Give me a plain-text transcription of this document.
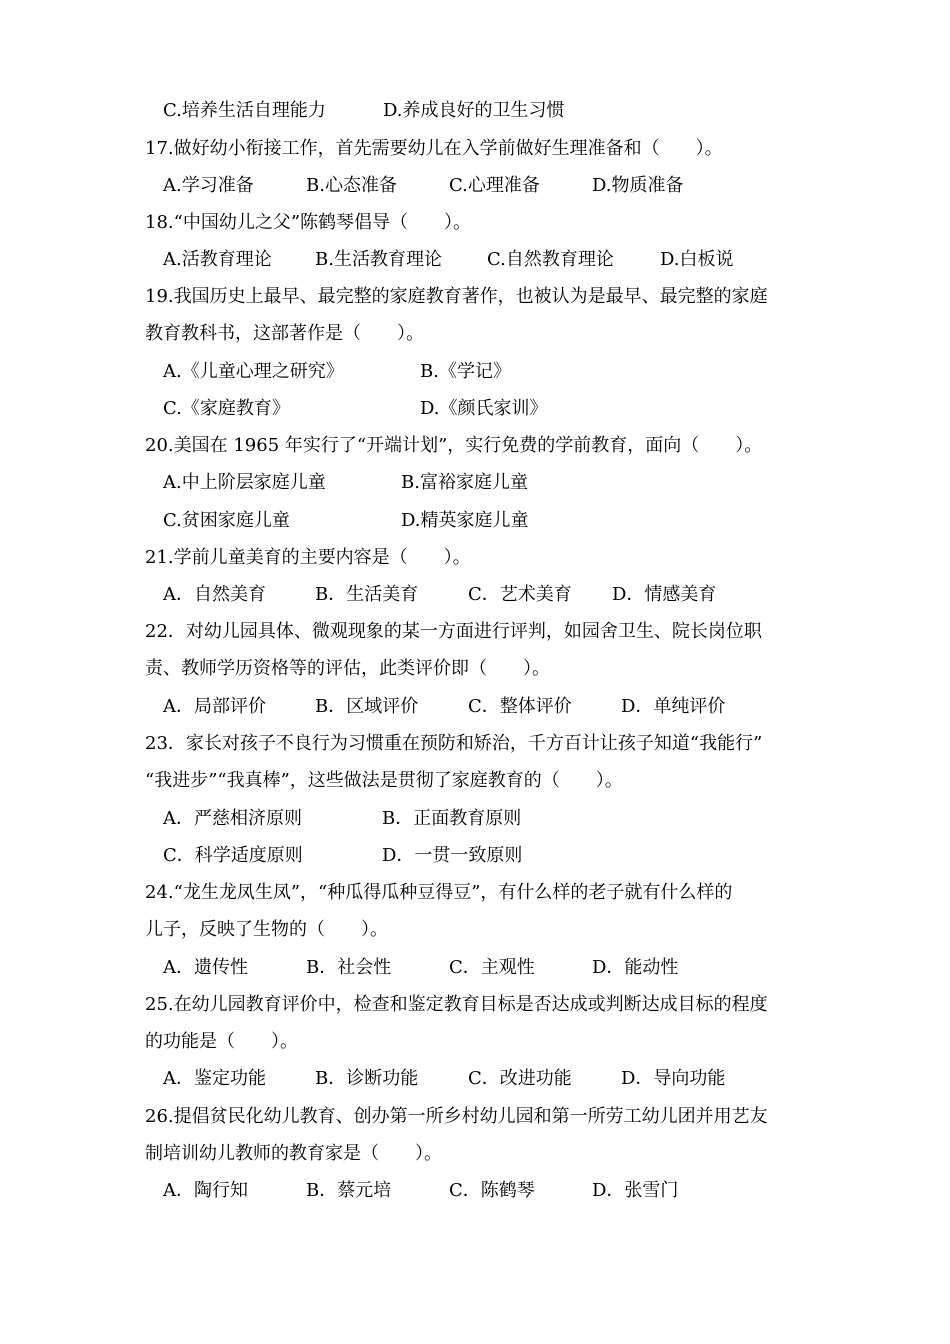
C.培养生活自理能力	D.养成良好的卫生习惯
17.做好幼小衔接工作，首先需要幼儿在入学前做好生理准备和（　　）。
A.学习准备	B.心态准备	C.心理准备	D.物质准备
18.“中国幼儿之父”陈鹤琴倡导（　　）。
A.活教育理论 B.生活教育理论	C.自然教育理论	D.白板说
19.我国历史上最早、最完整的家庭教育著作，也被认为是最早、最完整的家庭
教育教科书，这部著作是（　　）。
A.《儿童心理之研究》	B.《学记》
C.《家庭教育》	D.《颜氏家训》
20.美国在 1965 年实行了“开端计划”，实行免费的学前教育，面向（　　）。
A.中上阶层家庭儿童	B.富裕家庭儿童
C.贫困家庭儿童	D.精英家庭儿童
21.学前儿童美育的主要内容是（　　）。
A．自然美育	B．生活美育	C．艺术美育 D．情感美育
22．对幼儿园具体、微观现象的某一方面进行评判，如园舍卫生、院长岗位职
责、教师学历资格等的评估，此类评价即（　　）。
A．局部评价	B．区域评价	C．整体评价	D．单纯评价
23．家长对孩子不良行为习惯重在预防和矫治，千方百计让孩子知道“我能行”
“我进步”“我真棒”，这些做法是贯彻了家庭教育的（　　）。
A．严慈相济原则	B．正面教育原则
C．科学适度原则	D．一贯一致原则
24.“龙生龙凤生凤”，“种瓜得瓜种豆得豆”，有什么样的老子就有什么样的
儿子，反映了生物的（　　）。
A．遗传性	B．社会性	C．主观性	D．能动性
25.在幼儿园教育评价中，检查和鉴定教育目标是否达成或判断达成目标的程度
的功能是（　　）。
A．鉴定功能	B．诊断功能	C．改进功能	D．导向功能
26.提倡贫民化幼儿教育、创办第一所乡村幼儿园和第一所劳工幼儿团并用艺友
制培训幼儿教师的教育家是（　　）。
A．陶行知	B．蔡元培	C．陈鹤琴	D．张雪门
